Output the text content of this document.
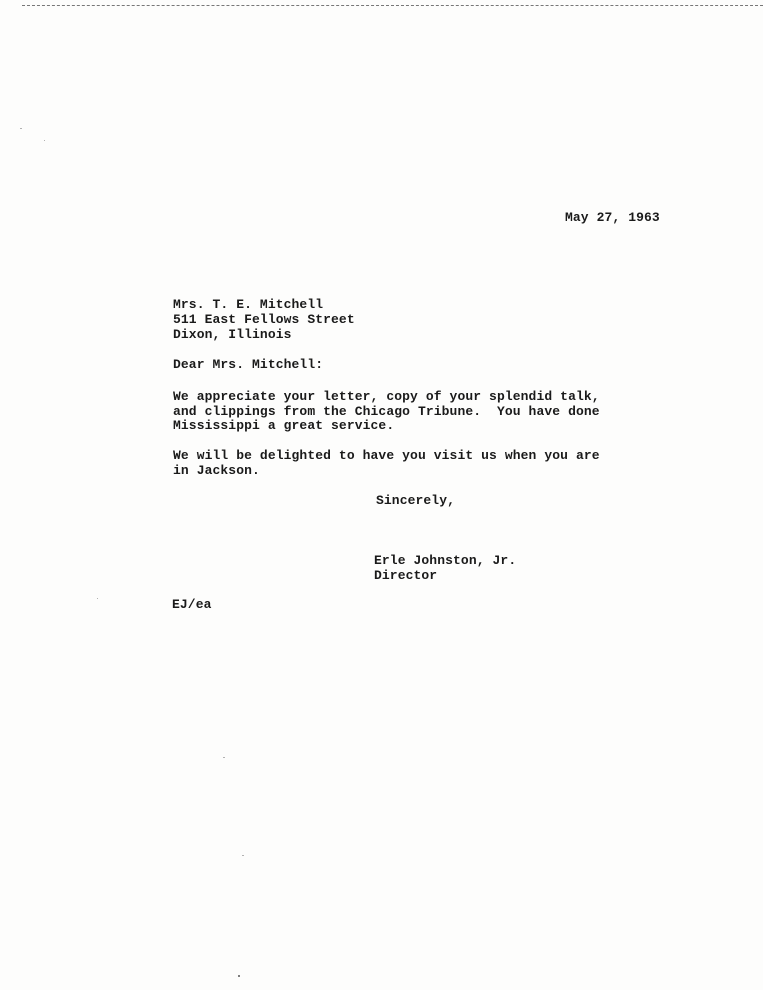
May 27, 1963
Mrs. T. E. Mitchell
511 East Fellows Street
Dixon, Illinois
Dear Mrs. Mitchell:
We appreciate your letter, copy of your splendid talk,
and clippings from the Chicago Tribune.  You have done
Mississippi a great service.
We will be delighted to have you visit us when you are
in Jackson.
Sincerely,
Erle Johnston, Jr.
Director
EJ/ea
